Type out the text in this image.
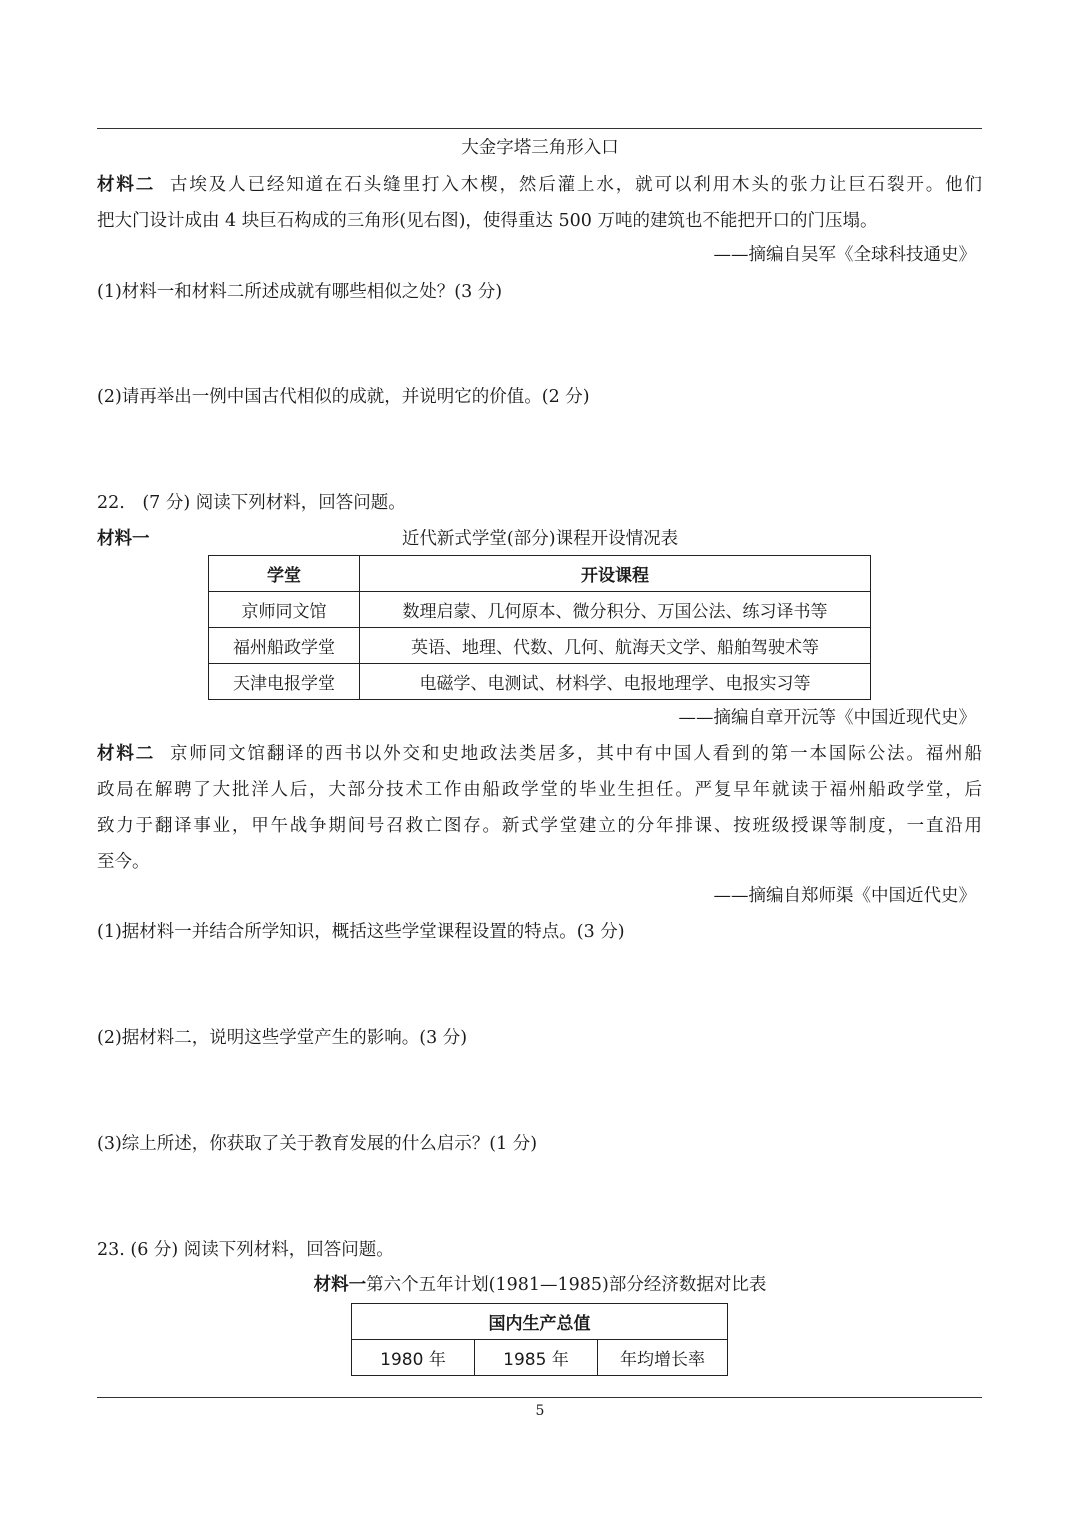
大金字塔三角形入口
材料二 古埃及人已经知道在石头缝里打入木楔，然后灌上水，就可以利用木头的张力让巨石裂开。他们
把大门设计成由 4 块巨石构成的三角形(见右图)，使得重达 500 万吨的建筑也不能把开口的门压塌。
——摘编自吴军《全球科技通史》
(1)材料一和材料二所述成就有哪些相似之处？(3 分)
(2)请再举出一例中国古代相似的成就，并说明它的价值。(2 分)
22.　(7 分) 阅读下列材料，回答问题。
材料一	近代新式学堂(部分)课程开设情况表
学堂	开设课程
京师同文馆	数理启蒙、几何原本、微分积分、万国公法、练习译书等
福州船政学堂	英语、地理、代数、几何、航海天文学、船舶驾驶术等
天津电报学堂	电磁学、电测试、材料学、电报地理学、电报实习等
——摘编自章开沅等《中国近现代史》
材料二 京师同文馆翻译的西书以外交和史地政法类居多，其中有中国人看到的第一本国际公法。福州船
政局在解聘了大批洋人后，大部分技术工作由船政学堂的毕业生担任。严复早年就读于福州船政学堂，后
致力于翻译事业，甲午战争期间号召救亡图存。新式学堂建立的分年排课、按班级授课等制度，一直沿用
至今。
——摘编自郑师渠《中国近代史》
(1)据材料一并结合所学知识，概括这些学堂课程设置的特点。(3 分)
(2)据材料二，说明这些学堂产生的影响。(3 分)
(3)综上所述，你获取了关于教育发展的什么启示？(1 分)
23. (6 分) 阅读下列材料，回答问题。
材料一第六个五年计划(1981—1985)部分经济数据对比表
国内生产总值
1980 年	1985 年	年均增长率
5
